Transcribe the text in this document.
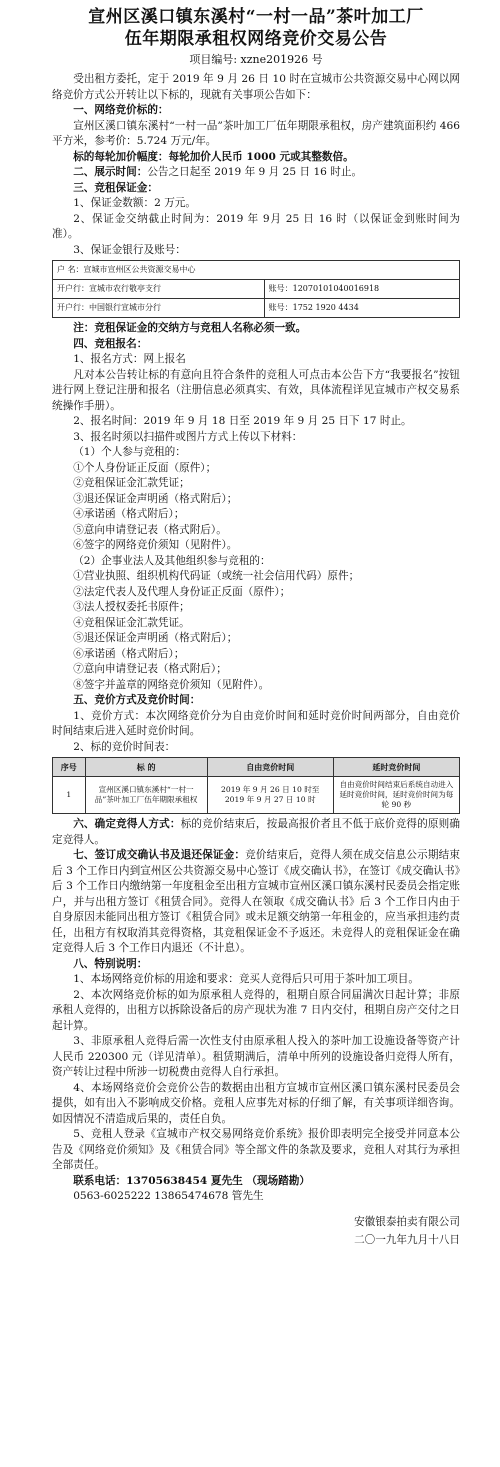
宣州区溪口镇东溪村“一村一品”茶叶加工厂
伍年期限承租权网络竞价交易公告
项目编号: xzne201926 号

受出租方委托，定于 2019 年 9 月 26 日 10 时在宣城市公共资源交易中心网以网络竞价方式公开转让以下标的，现就有关事项公告如下：

一、网络竞价标的：

宣州区溪口镇东溪村“一村一品”茶叶加工厂伍年期限承租权，房产建筑面积约 466 平方米，参考价：5.724 万元/年。

标的每轮加价幅度：每轮加价人民币 1000 元或其整数倍。

二、展示时间：公告之日起至 2019 年 9 月 25 日 16 时止。

三、竞租保证金：

1、保证金数额：2 万元。

2、保证金交纳截止时间为：2019 年 9月 25 日 16 时（以保证金到账时间为准）。

3、保证金银行及账号：

户 名：宣城市宣州区公共资源交易中心	
开户行：宣城市农行敬亭支行	账号：12070101040016918
开户行：中国银行宣城市分行	账号：1752 1920 4434

注：竞租保证金的交纳方与竞租人名称必须一致。

四、竞租报名：

1、报名方式：网上报名

凡对本公告转让标的有意向且符合条件的竞租人可点击本公告下方“我要报名”按钮进行网上登记注册和报名（注册信息必须真实、有效，具体流程详见宣城市产权交易系统操作手册）。

2、报名时间：2019 年 9 月 18 日至 2019 年 9 月 25 日下 17 时止。

3、报名时须以扫描件或图片方式上传以下材料：

（1）个人参与竞租的：

①个人身份证正反面（原件）；

②竞租保证金汇款凭证；

③退还保证金声明函（格式附后）；

④承诺函（格式附后）；

⑤意向申请登记表（格式附后）。

⑥签字的网络竞价须知（见附件）。

（2）企事业法人及其他组织参与竞租的：

①营业执照、组织机构代码证（或统一社会信用代码）原件；

②法定代表人及代理人身份证正反面（原件）；

③法人授权委托书原件；

④竞租保证金汇款凭证。

⑤退还保证金声明函（格式附后）；

⑥承诺函（格式附后）；

⑦意向申请登记表（格式附后）；

⑧签字并盖章的网络竞价须知（见附件）。

五、竞价方式及竞价时间：

1、竞价方式：本次网络竞价分为自由竞价时间和延时竞价时间两部分，自由竞价时间结束后进入延时竞价时间。

2、标的竞价时间表：

序号	标 的	自由竞价时间	延时竞价时间
1	宣州区溪口镇东溪村“一村一品”茶叶加工厂伍年期限承租权	2019 年 9 月 26 日 10 时至 2019 年 9 月 27 日 10 时	自由竞价时间结束后系统自动进入延时竞价时间，延时竞价时间为每轮 90 秒

六、确定竞得人方式：标的竞价结束后，按最高报价者且不低于底价竞得的原则确定竞得人。

七、签订成交确认书及退还保证金：竞价结束后，竞得人须在成交信息公示期结束后 3 个工作日内到宣州区公共资源交易中心签订《成交确认书》，在签订《成交确认书》后 3 个工作日内缴纳第一年度租金至出租方宣城市宣州区溪口镇东溪村民委员会指定账户，并与出租方签订《租赁合同》。竞得人在领取《成交确认书》后 3 个工作日内由于自身原因未能同出租方签订《租赁合同》或未足额交纳第一年租金的，应当承担违约责任，出租方有权取消其竞得资格，其竞租保证金不予返还。未竞得人的竞租保证金在确定竞得人后 3 个工作日内退还（不计息）。

八、特别说明：

1、本场网络竞价标的用途和要求：竞买人竞得后只可用于茶叶加工项目。

2、本次网络竞价标的如为原承租人竞得的，租期自原合同届满次日起计算；非原承租人竞得的，出租方以拆除设备后的房产现状为准 7 日内交付，租期自房产交付之日起计算。

3、非原承租人竞得后需一次性支付由原承租人投入的茶叶加工设施设备等资产计人民币 220300 元（详见清单）。租赁期满后，清单中所列的设施设备归竞得人所有，资产转让过程中所涉一切税费由竞得人自行承担。

4、本场网络竞价会竞价公告的数据由出租方宣城市宣州区溪口镇东溪村民委员会提供，如有出入不影响成交价格。竞租人应事先对标的仔细了解，有关事项详细咨询。如因情况不清造成后果的，责任自负。

5、竞租人登录《宣城市产权交易网络竞价系统》报价即表明完全接受并同意本公告及《网络竞价须知》及《租赁合同》等全部文件的条款及要求，竞租人对其行为承担全部责任。

联系电话：13705638454 夏先生 （现场踏勘）

0563-6025222 13865474678 管先生

安徽银泰拍卖有限公司

二〇一九年九月十八日
